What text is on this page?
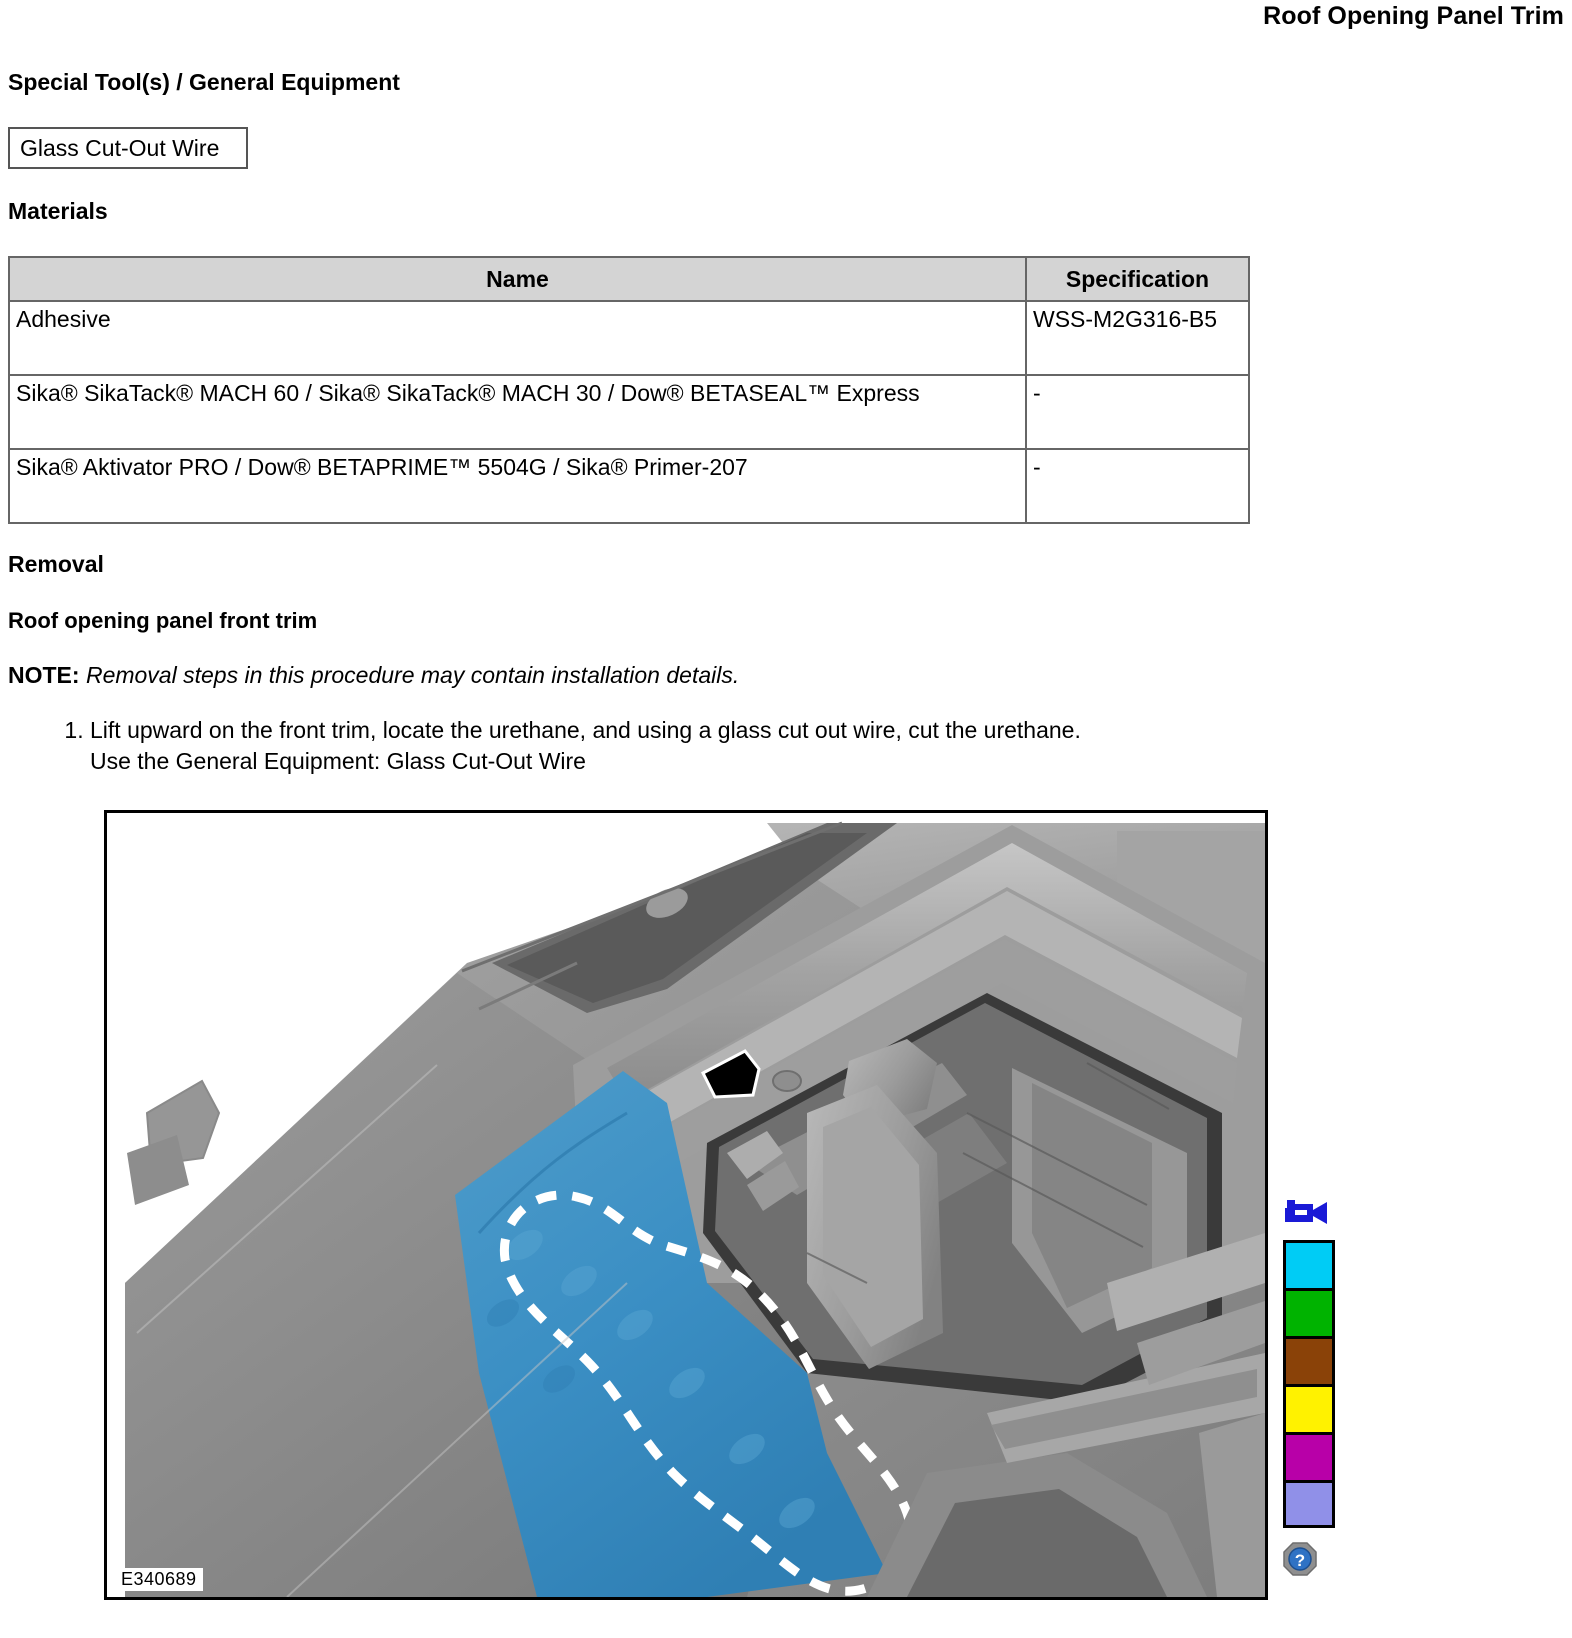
Roof Opening Panel Trim
Special Tool(s) / General Equipment
Glass Cut-Out Wire
Materials
Name	Specification
Adhesive	WSS-M2G316-B5
Sika® SikaTack® MACH 60 / Sika® SikaTack® MACH 30 / Dow® BETASEAL™ Express	-
Sika® Aktivator PRO / Dow® BETAPRIME™ 5504G / Sika® Primer-207	-
Removal
Roof opening panel front trim
NOTE: Removal steps in this procedure may contain installation details.
1. Lift upward on the front trim, locate the urethane, and using a glass cut out wire, cut the urethane.
Use the General Equipment: Glass Cut-Out Wire
E340689
?
